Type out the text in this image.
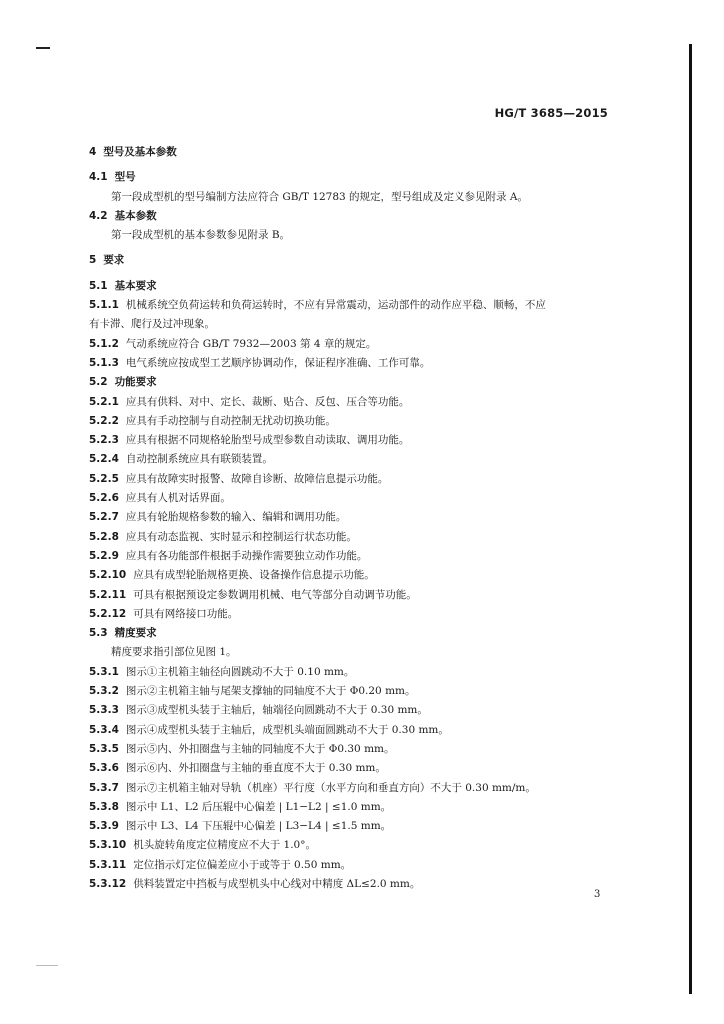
HG/T 3685—2015
4 型号及基本参数
4.1 型号
第一段成型机的型号编制方法应符合 GB/T 12783 的规定，型号组成及定义参见附录 A。
4.2 基本参数
第一段成型机的基本参数参见附录 B。
5 要求
5.1 基本要求
5.1.1 机械系统空负荷运转和负荷运转时，不应有异常震动，运动部件的动作应平稳、顺畅，不应
有卡滞、爬行及过冲现象。
5.1.2 气动系统应符合 GB/T 7932—2003 第 4 章的规定。
5.1.3 电气系统应按成型工艺顺序协调动作，保证程序准确、工作可靠。
5.2 功能要求
5.2.1 应具有供料、对中、定长、裁断、贴合、反包、压合等功能。
5.2.2 应具有手动控制与自动控制无扰动切换功能。
5.2.3 应具有根据不同规格轮胎型号成型参数自动读取、调用功能。
5.2.4 自动控制系统应具有联锁装置。
5.2.5 应具有故障实时报警、故障自诊断、故障信息提示功能。
5.2.6 应具有人机对话界面。
5.2.7 应具有轮胎规格参数的输入、编辑和调用功能。
5.2.8 应具有动态监视、实时显示和控制运行状态功能。
5.2.9 应具有各功能部件根据手动操作需要独立动作功能。
5.2.10 应具有成型轮胎规格更换、设备操作信息提示功能。
5.2.11 可具有根据预设定参数调用机械、电气等部分自动调节功能。
5.2.12 可具有网络接口功能。
5.3 精度要求
精度要求指引部位见图 1。
5.3.1 图示①主机箱主轴径向圆跳动不大于 0.10 mm。
5.3.2 图示②主机箱主轴与尾架支撑轴的同轴度不大于 Φ0.20 mm。
5.3.3 图示③成型机头装于主轴后，轴端径向圆跳动不大于 0.30 mm。
5.3.4 图示④成型机头装于主轴后，成型机头端面圆跳动不大于 0.30 mm。
5.3.5 图示⑤内、外扣圈盘与主轴的同轴度不大于 Φ0.30 mm。
5.3.6 图示⑥内、外扣圈盘与主轴的垂直度不大于 0.30 mm。
5.3.7 图示⑦主机箱主轴对导轨（机座）平行度（水平方向和垂直方向）不大于 0.30 mm/m。
5.3.8 图示中 L1、L2 后压辊中心偏差 | L1−L2 | ≤1.0 mm。
5.3.9 图示中 L3、L4 下压辊中心偏差 | L3−L4 | ≤1.5 mm。
5.3.10 机头旋转角度定位精度应不大于 1.0°。
5.3.11 定位指示灯定位偏差应小于或等于 0.50 mm。
5.3.12 供料装置定中挡板与成型机头中心线对中精度 ΔL≤2.0 mm。
3
